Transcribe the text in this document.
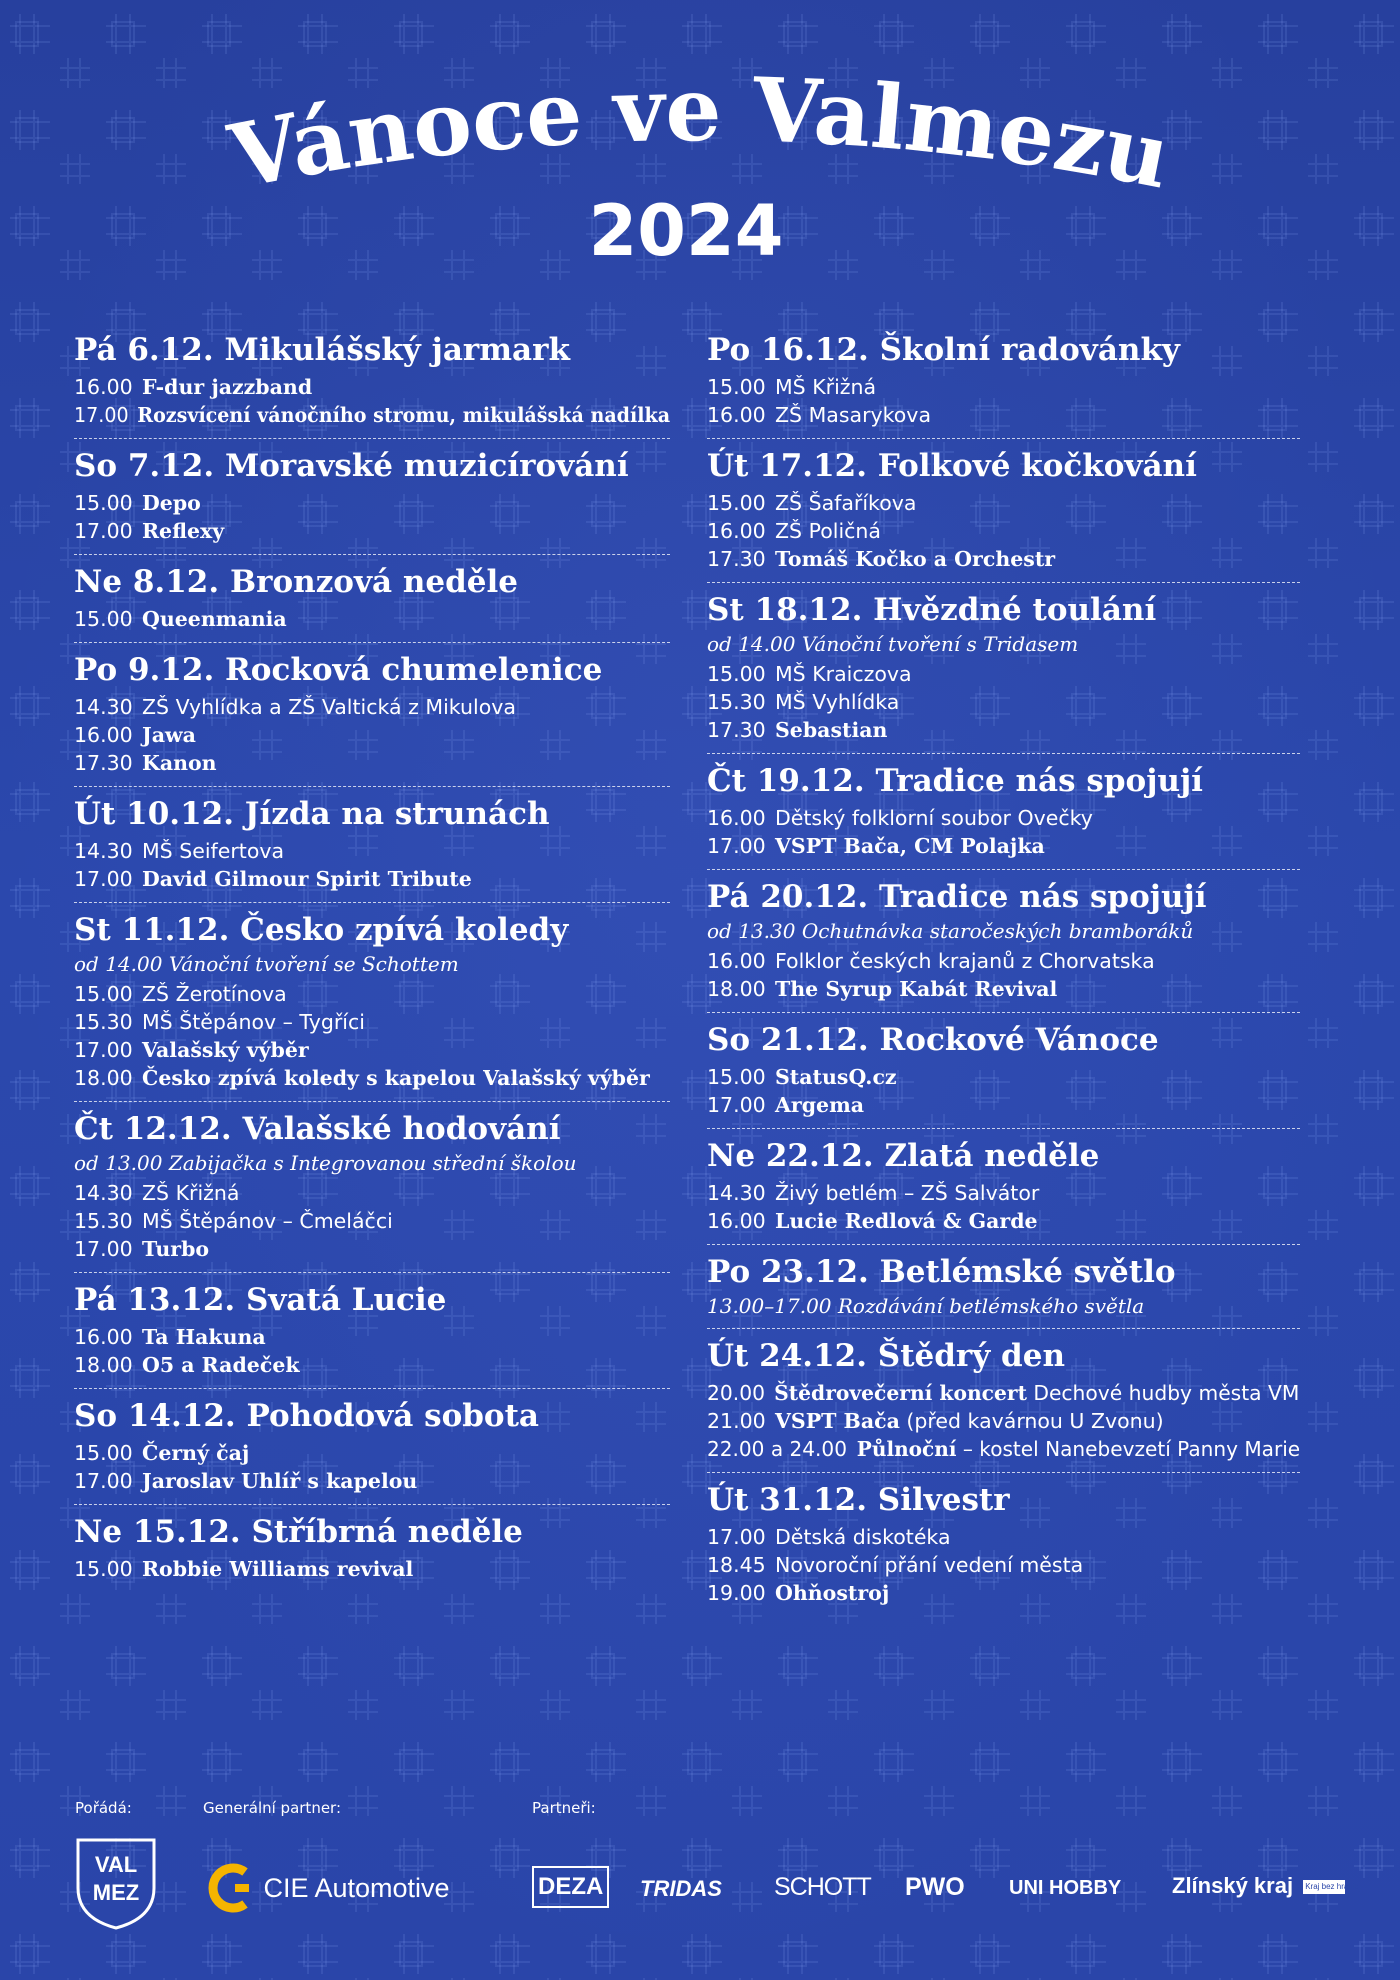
Vánoce ve Valmezu
2024
Pá 6.12. Mikulášský jarmark
16.00 F-dur jazzband
17.00 Rozsvícení vánočního stromu, mikulášská nadílka
So 7.12. Moravské muzicírování
15.00 Depo
17.00 Reflexy
Ne 8.12. Bronzová neděle
15.00 Queenmania
Po 9.12. Rocková chumelenice
14.30 ZŠ Vyhlídka a ZŠ Valtická z Mikulova
16.00 Jawa
17.30 Kanon
Út 10.12. Jízda na strunách
14.30 MŠ Seifertova
17.00 David Gilmour Spirit Tribute
St 11.12. Česko zpívá koledy
od 14.00 Vánoční tvoření se Schottem
15.00 ZŠ Žerotínova
15.30 MŠ Štěpánov – Tygříci
17.00 Valašský výběr
18.00 Česko zpívá koledy s kapelou Valašský výběr
Čt 12.12. Valašské hodování
od 13.00 Zabijačka s Integrovanou střední školou
14.30 ZŠ Křižná
15.30 MŠ Štěpánov – Čmeláčci
17.00 Turbo
Pá 13.12. Svatá Lucie
16.00 Ta Hakuna
18.00 O5 a Radeček
So 14.12. Pohodová sobota
15.00 Černý čaj
17.00 Jaroslav Uhlíř s kapelou
Ne 15.12. Stříbrná neděle
15.00 Robbie Williams revival
Po 16.12. Školní radovánky
15.00 MŠ Křižná
16.00 ZŠ Masarykova
Út 17.12. Folkové kočkování
15.00 ZŠ Šafaříkova
16.00 ZŠ Poličná
17.30 Tomáš Kočko a Orchestr
St 18.12. Hvězdné toulání
od 14.00 Vánoční tvoření s Tridasem
15.00 MŠ Kraiczova
15.30 MŠ Vyhlídka
17.30 Sebastian
Čt 19.12. Tradice nás spojují
16.00 Dětský folklorní soubor Ovečky
17.00 VSPT Bača, CM Polajka
Pá 20.12. Tradice nás spojují
od 13.30 Ochutnávka staročeských bramboráků
16.00 Folklor českých krajanů z Chorvatska
18.00 The Syrup Kabát Revival
So 21.12. Rockové Vánoce
15.00 StatusQ.cz
17.00 Argema
Ne 22.12. Zlatá neděle
14.30 Živý betlém – ZŠ Salvátor
16.00 Lucie Redlová & Garde
Po 23.12. Betlémské světlo
13.00–17.00 Rozdávání betlémského světla
Út 24.12. Štědrý den
20.00 Štědrovečerní koncert Dechové hudby města VM
21.00 VSPT Bača (před kavárnou U Zvonu)
22.00 a 24.00 Půlnoční – kostel Nanebevzetí Panny Marie
Út 31.12. Silvestr
17.00 Dětská diskotéka
18.45 Novoroční přání vedení města
19.00 Ohňostroj
Pořádá:	Generální partner:	Partneři:
VAL
MEZ	CIE Automotive	DEZA TRIDAS SCHOTT PWO UNI HOBBY Zlínský kraj Kraj bez hranic
